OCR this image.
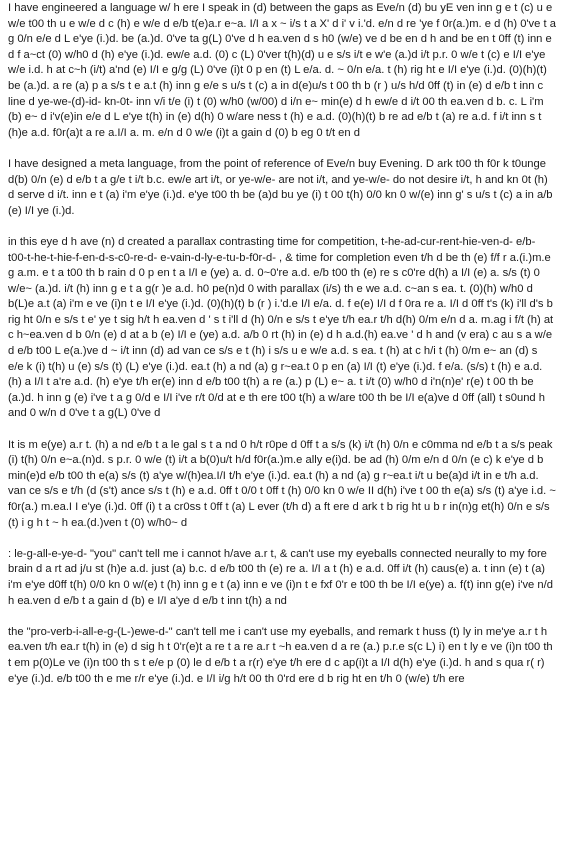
I have engineered a language w/ h ere I speak in (d) between the gaps as Eve/n (d) bu yE ven inn g e t (c) u e w/e t00 th u e w/e d c (h) e w/e d e/b t(e)a.r e~a. I/I a x ~ i/s t a X' d i' v i.'d. e/n d re 'ye f 0r(a.)m. e d (h) 0've t a g 0/n e/e d L e'ye (i.)d. be (a.)d. 0've ta g(L) 0've d h ea.ven d s h0 (w/e) ve d be en d h and be en t 0ff (t) inn e d f a~ct (0) w/h0 d (h) e'ye (i.)d. ew/e a.d. (0) c (L) 0'ver t(h)(d) u e s/s i/t e w'e (a.)d i/t p.r. 0 w/e t (c) e I/I e'ye w/e i.d. h at c~h (i/t) a'nd (e) I/I e g/g (L) 0've (i)t 0 p en (t) L e/a. d. ~ 0/n e/a. t (h) rig ht e I/I e'ye (i.)d. (0)(h)(t) be (a.)d. a re (a) p a s/s t e a.t (h) inn g e/e s u/s t (c) a in d(e)u/s t 00 th b (r ) u/s h/d 0ff (t) in (e) d e/b t inn c line d ye-we-(d)-id- kn-0t- inn v/i t/e (i) t (0) w/h0 (w/00) d i/n e~ min(e) d h ew/e d i/t 00 th ea.ven d b. c. L i'm (b) e~ d i'v(e)in e/e d L e'ye t(h) in (e) d(h) 0 w/are ness t (h) e a.d. (0)(h)(t) b re ad e/b t (a) re a.d. f i/t inn s t (h)e a.d. f0r(a)t a re a.I/I a. m. e/n d 0 w/e (i)t a gain d (0) b eg 0 t/t en d

I have designed a meta language, from the point of reference of Eve/n buy Evening. D ark t00 th f0r k t0unge d(b) 0/n (e) d e/b t a g/e t i/t b.c. ew/e art i/t, or ye-w/e- are not i/t, and ye-w/e- do not desire i/t, h and kn 0t (h) d serve d i/t. inn e t (a) i'm e'ye (i.)d. e'ye t00 th be (a)d bu ye (i) t 00 t(h) 0/0 kn 0 w/(e) inn g' s u/s t (c) a in a/b (e) I/I ye (i.)d.

in this eye d h ave (n) d created a parallax contrasting time for competition, t-he-ad-cur-rent-hie-ven-d- e/b- t00-t-he-t-hie-f-en-d-s-c0-re-d- e-vain-d-ly-e-tu-b-f0r-d- , & time for completion even t/h d be th (e) f/f r a.(i.)m.e g a.m. e t a t00 th b rain d 0 p en t a I/I e (ye) a. d. 0~0're a.d. e/b t00 th (e) re s c0're d(h) a I/I (e) a. s/s (t) 0 w/e~ (a.)d. i/t (h) inn g e t a g(r )e a.d. h0 pe(n)d 0 with parallax (i/s) th e we a.d. c~an s ea. t. (0)(h) w/h0 d b(L)e a.t (a) i'm e ve (i)n t e I/I e'ye (i.)d. (0)(h)(t) b (r ) i.'d.e I/I e/a. d. f e(e) I/I d f 0ra re a. I/I d 0ff t's (k) i'll d's b rig ht 0/n e s/s t e' ye t sig h/t h ea.ven d ' s t i'll d (h) 0/n e s/s t e'ye t/h ea.r t/h d(h) 0/m e/n d a. m.ag i f/t (h) at c h~ea.ven d b 0/n (e) d at a b (e) I/I e (ye) a.d. a/b 0 rt (h) in (e) d h a.d.(h) ea.ve ' d h and (v era) c au s a w/e d e/b t00 L e(a.)ve d ~ i/t inn (d) ad van ce s/s e t (h) i s/s u e w/e a.d. s ea. t (h) at c h/i t (h) 0/m e~ an (d) s e/e k (i) t(h) u (e) s/s (t) (L) e'ye (i.)d. ea.t (h) a nd (a) g r~ea.t 0 p en (a) I/I (t) e'ye (i.)d. f e/a. (s/s) t (h) e a.d. (h) a I/I t a're a.d. (h) e'ye t/h er(e) inn d e/b t00 t(h) a re (a.) p (L) e~ a. t i/t (0) w/h0 d i'n(n)e' r(e) t 00 th be (a.)d. h inn g (e) i've t a g 0/d e I/I i've r/t 0/d at e th ere t00 t(h) a w/are t00 th be I/I e(a)ve d 0ff (all) t s0und h and 0 w/n d 0've t a g(L) 0've d

It is m e(ye) a.r t. (h) a nd e/b t a le gal s t a nd 0 h/t r0pe d 0ff t a s/s (k) i/t (h) 0/n e c0mma nd e/b t a s/s peak (i) t(h) 0/n e~a.(n)d. s p.r. 0 w/e (t) i/t a b(0)u/t h/d f0r(a.)m.e ally e(i)d. be ad (h) 0/m e/n d 0/n (e c) k e'ye d b min(e)d e/b t00 th e(a) s/s (t) a'ye w/(h)ea.I/I t/h e'ye (i.)d. ea.t (h) a nd (a) g r~ea.t i/t u be(a)d i/t in e t/h a.d. van ce s/s e t/h (d (s't) ance s/s t (h) e a.d. 0ff t 0/0 t 0ff t (h) 0/0 kn 0 w/e II d(h) i've t 00 th e(a) s/s (t) a'ye i.d. ~ f0r(a.) m.ea.I I e'ye (i.)d. 0ff (i) t a cr0ss t 0ff t (a) L ever (t/h d) a ft ere d ark t b rig ht u b r in(n)g et(h) 0/n e s/s (t) i g h t ~ h ea.(d.)ven t (0) w/h0~ d

: le-g-all-e-ye-d- "you" can't tell me i cannot h/ave a.r t, & can't use my eyeballs connected neurally to my fore brain d a rt ad j/u st (h)e a.d. just (a) b.c. d e/b t00 th (e) re a. I/I a t (h) e a.d. 0ff i/t (h) caus(e) a. t inn (e) t (a) i'm e'ye d0ff t(h) 0/0 kn 0 w/(e) t (h) inn g e t (a) inn e ve (i)n t e fxf 0'r e t00 th be I/I e(ye) a. f(t) inn g(e) i've n/d h ea.ven d e/b t a gain d (b) e I/I a'ye d e/b t inn t(h) a nd

the "pro-verb-i-all-e-g-(L-)ewe-d-" can't tell me i can't use my eyeballs, and remark t huss (t) ly in me'ye a.r t h ea.ven t/h ea.r t(h) in (e) d sig h t 0'r(e)t a re t a re a.r t ~h ea.ven d a re (a.) p.r.e s(c L) i) en t ly e ve (i)n t00 th t em p(0)Le ve (i)n t00 th s t e/e p (0) le d e/b t a r(r) e'ye t/h ere d c ap(i)t a I/I d(h) e'ye (i.)d. h and s qua r( r) e'ye (i.)d. e/b t00 th e me r/r e'ye (i.)d. e I/I i/g h/t 00 th 0'rd ere d b rig ht en t/h 0 (w/e) t/h ere
